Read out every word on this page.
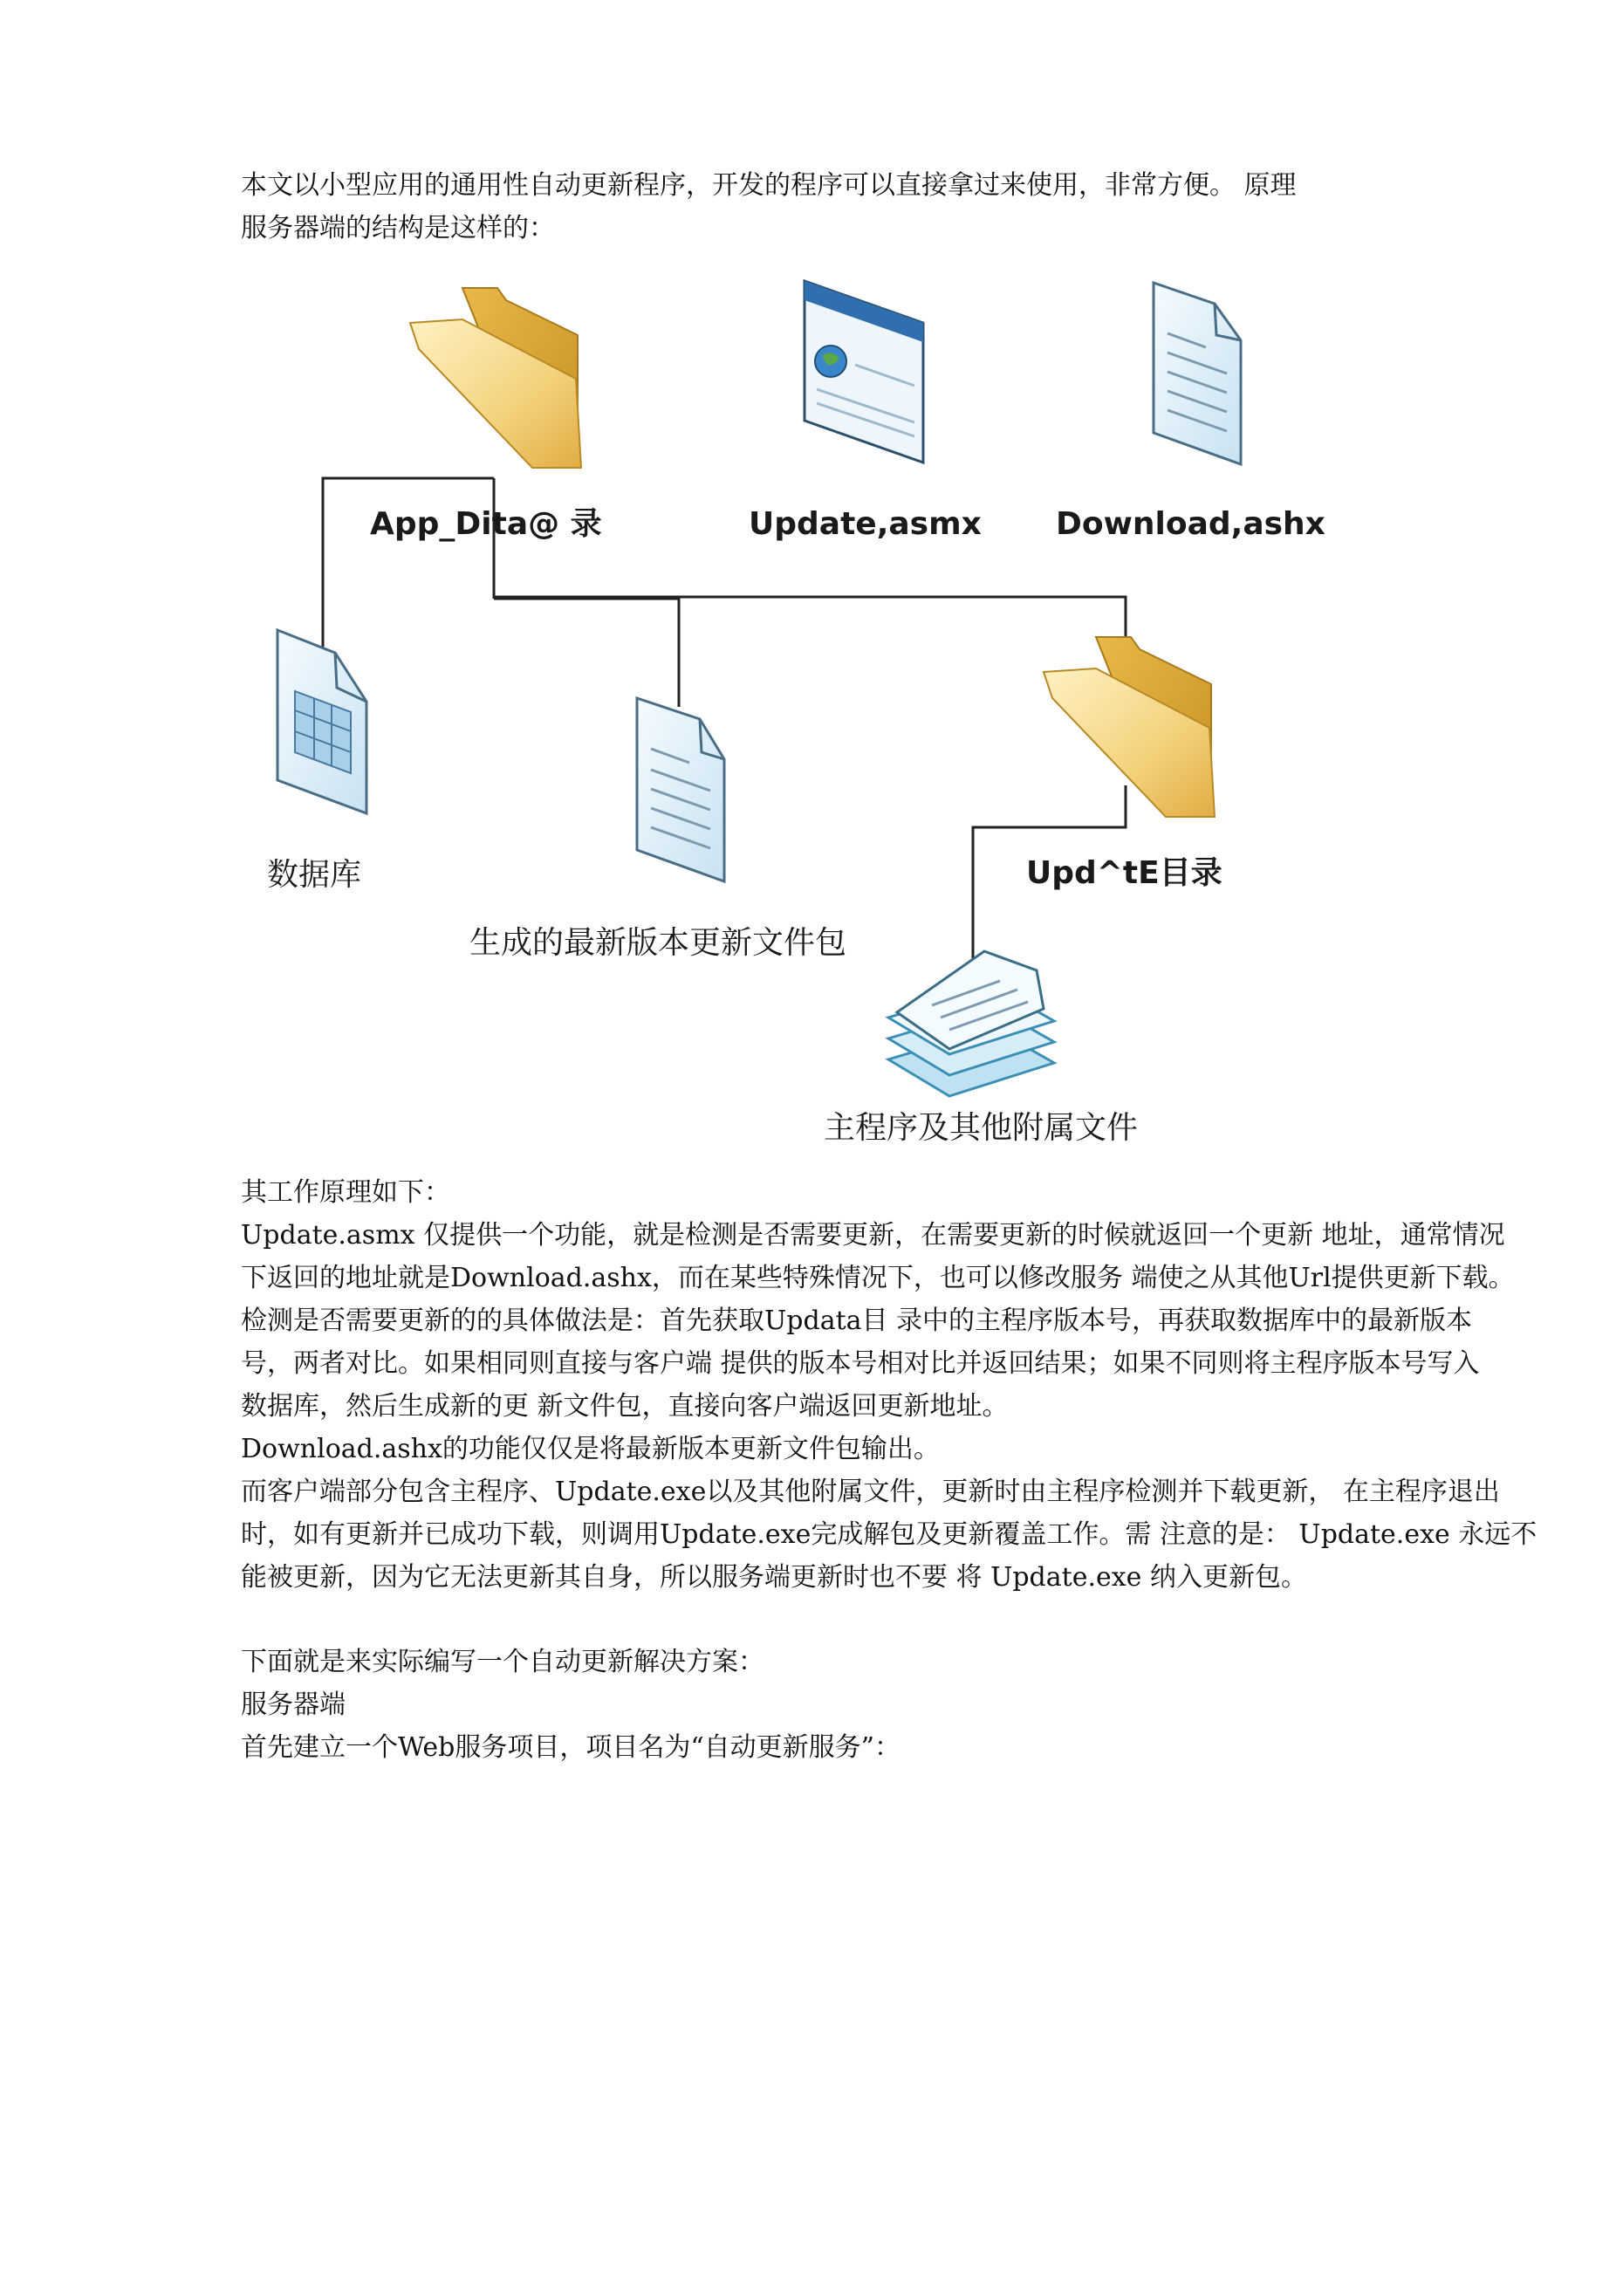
本文以小型应用的通用性自动更新程序，开发的程序可以直接拿过来使用，非常方便。 原理

服务器端的结构是这样的：

App_Dita@ 录	Update,asmx Download,ashx
数据库	Upd^tE目录
生成的最新版本更新文件包
主程序及其他附属文件

其工作原理如下：

Update.asmx 仅提供一个功能，就是检测是否需要更新，在需要更新的时候就返回一个更新 地址，通常情况

下返回的地址就是Download.ashx，而在某些特殊情况下，也可以修改服务 端使之从其他Url提供更新下载。

检测是否需要更新的的具体做法是：首先获取Updata目 录中的主程序版本号，再获取数据库中的最新版本

号，两者对比。如果相同则直接与客户端 提供的版本号相对比并返回结果；如果不同则将主程序版本号写入

数据库，然后生成新的更 新文件包，直接向客户端返回更新地址。

Download.ashx的功能仅仅是将最新版本更新文件包输出。

而客户端部分包含主程序、Update.exe以及其他附属文件，更新时由主程序检测并下载更新， 在主程序退出

时，如有更新并已成功下载，则调用Update.exe完成解包及更新覆盖工作。需 注意的是： Update.exe 永远不

能被更新，因为它无法更新其自身，所以服务端更新时也不要 将 Update.exe 纳入更新包。

下面就是来实际编写一个自动更新解决方案：

服务器端

首先建立一个Web服务项目，项目名为“自动更新服务”：
